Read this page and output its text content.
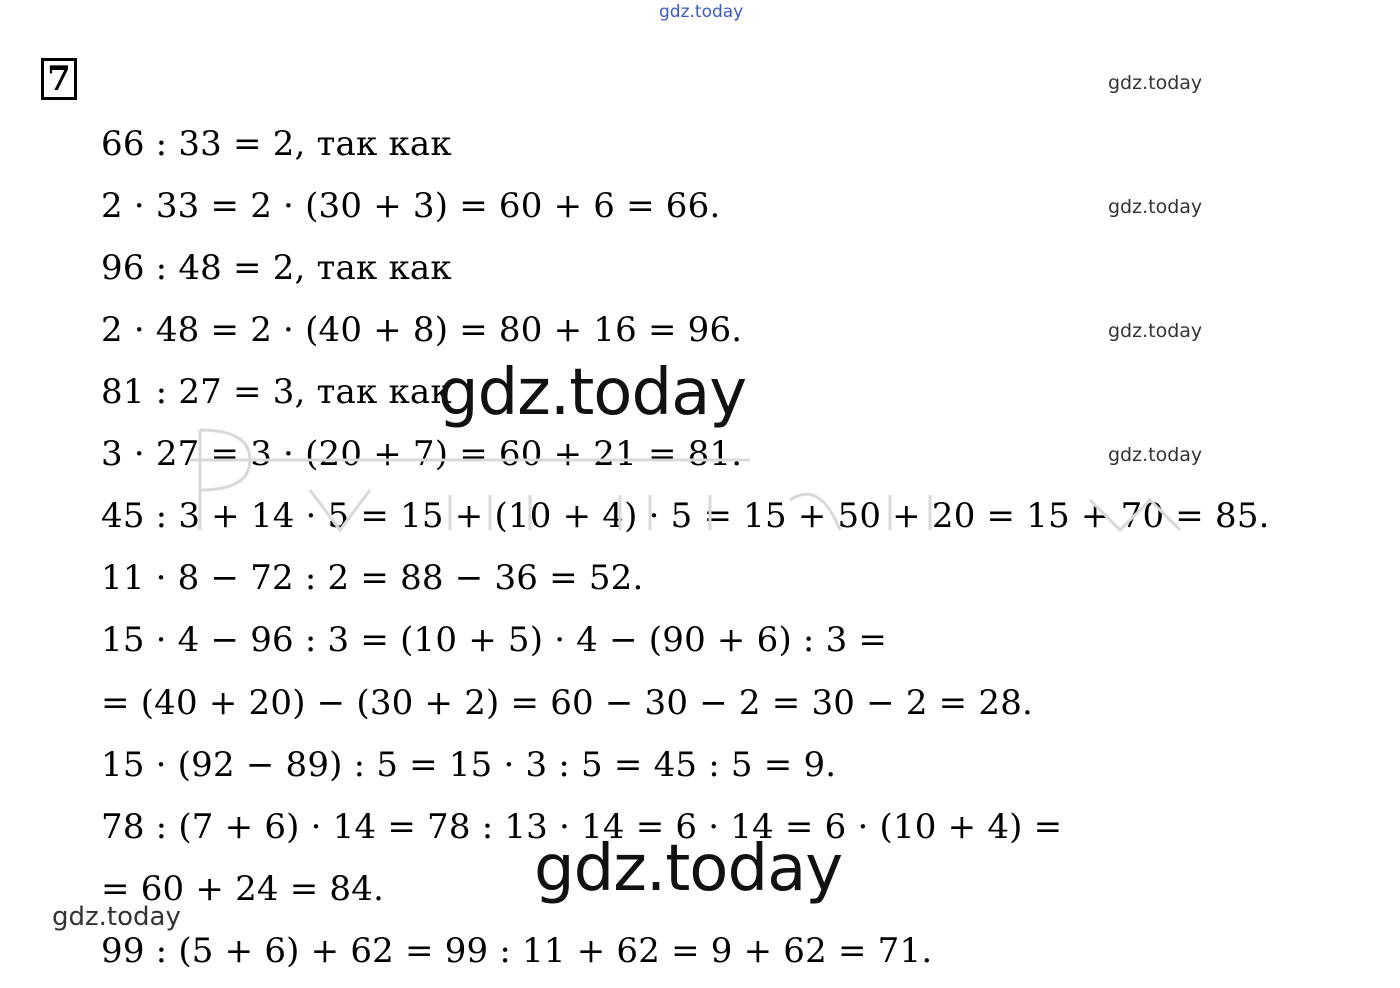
gdz.today
7	gdz.today
gdz.today
gdz.today
gdz.today
66 : 33 = 2, так как
2 · 33 = 2 · (30 + 3) = 60 + 6 = 66.
96 : 48 = 2, так как
2 · 48 = 2 · (40 + 8) = 80 + 16 = 96.
81 : 27 = 3, так как
3 · 27 = 3 · (20 + 7) = 60 + 21 = 81.
45 : 3 + 14 · 5 = 15 + (10 + 4) · 5 = 15 + 50 + 20 = 15 + 70 = 85.
11 · 8 − 72 : 2 = 88 − 36 = 52.
15 · 4 − 96 : 3 = (10 + 5) · 4 − (90 + 6) : 3 =
= (40 + 20) − (30 + 2) = 60 − 30 − 2 = 30 − 2 = 28.
15 · (92 − 89) : 5 = 15 · 3 : 5 = 45 : 5 = 9.
78 : (7 + 6) · 14 = 78 : 13 · 14 = 6 · 14 = 6 · (10 + 4) =
= 60 + 24 = 84.
99 : (5 + 6) + 62 = 99 : 11 + 62 = 9 + 62 = 71.
gdz.today
gdz.today
gdz.today
